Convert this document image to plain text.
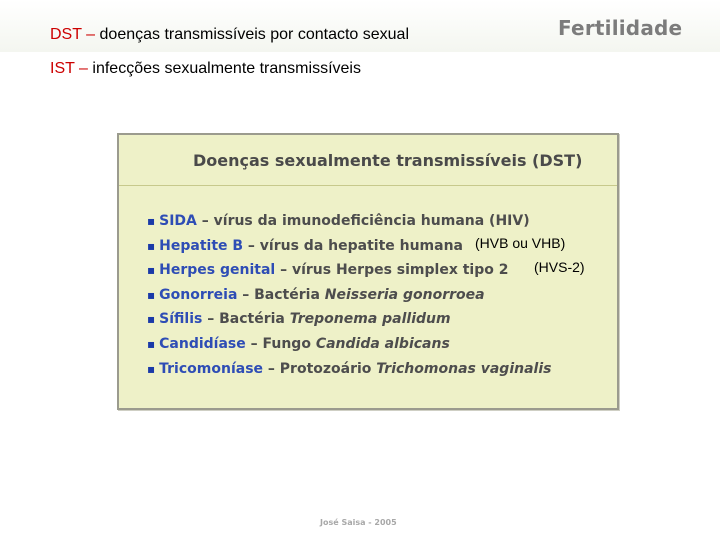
DST – doenças transmissíveis por contacto sexual
IST – infecções sexualmente transmissíveis
Fertilidade
Doenças sexualmente transmissíveis (DST)
▪ SIDA – vírus da imunodeficiência humana (HIV)
▪ Hepatite B – vírus da hepatite humana
▪ Herpes genital – vírus Herpes simplex tipo 2
▪ Gonorreia – Bactéria Neisseria gonorroea
▪ Sífilis – Bactéria Treponema pallidum
▪ Candidíase – Fungo Candida albicans
▪ Tricomoníase – Protozoário Trichomonas vaginalis
(HVB ou VHB)
(HVS-2)
José Saisa - 2005
